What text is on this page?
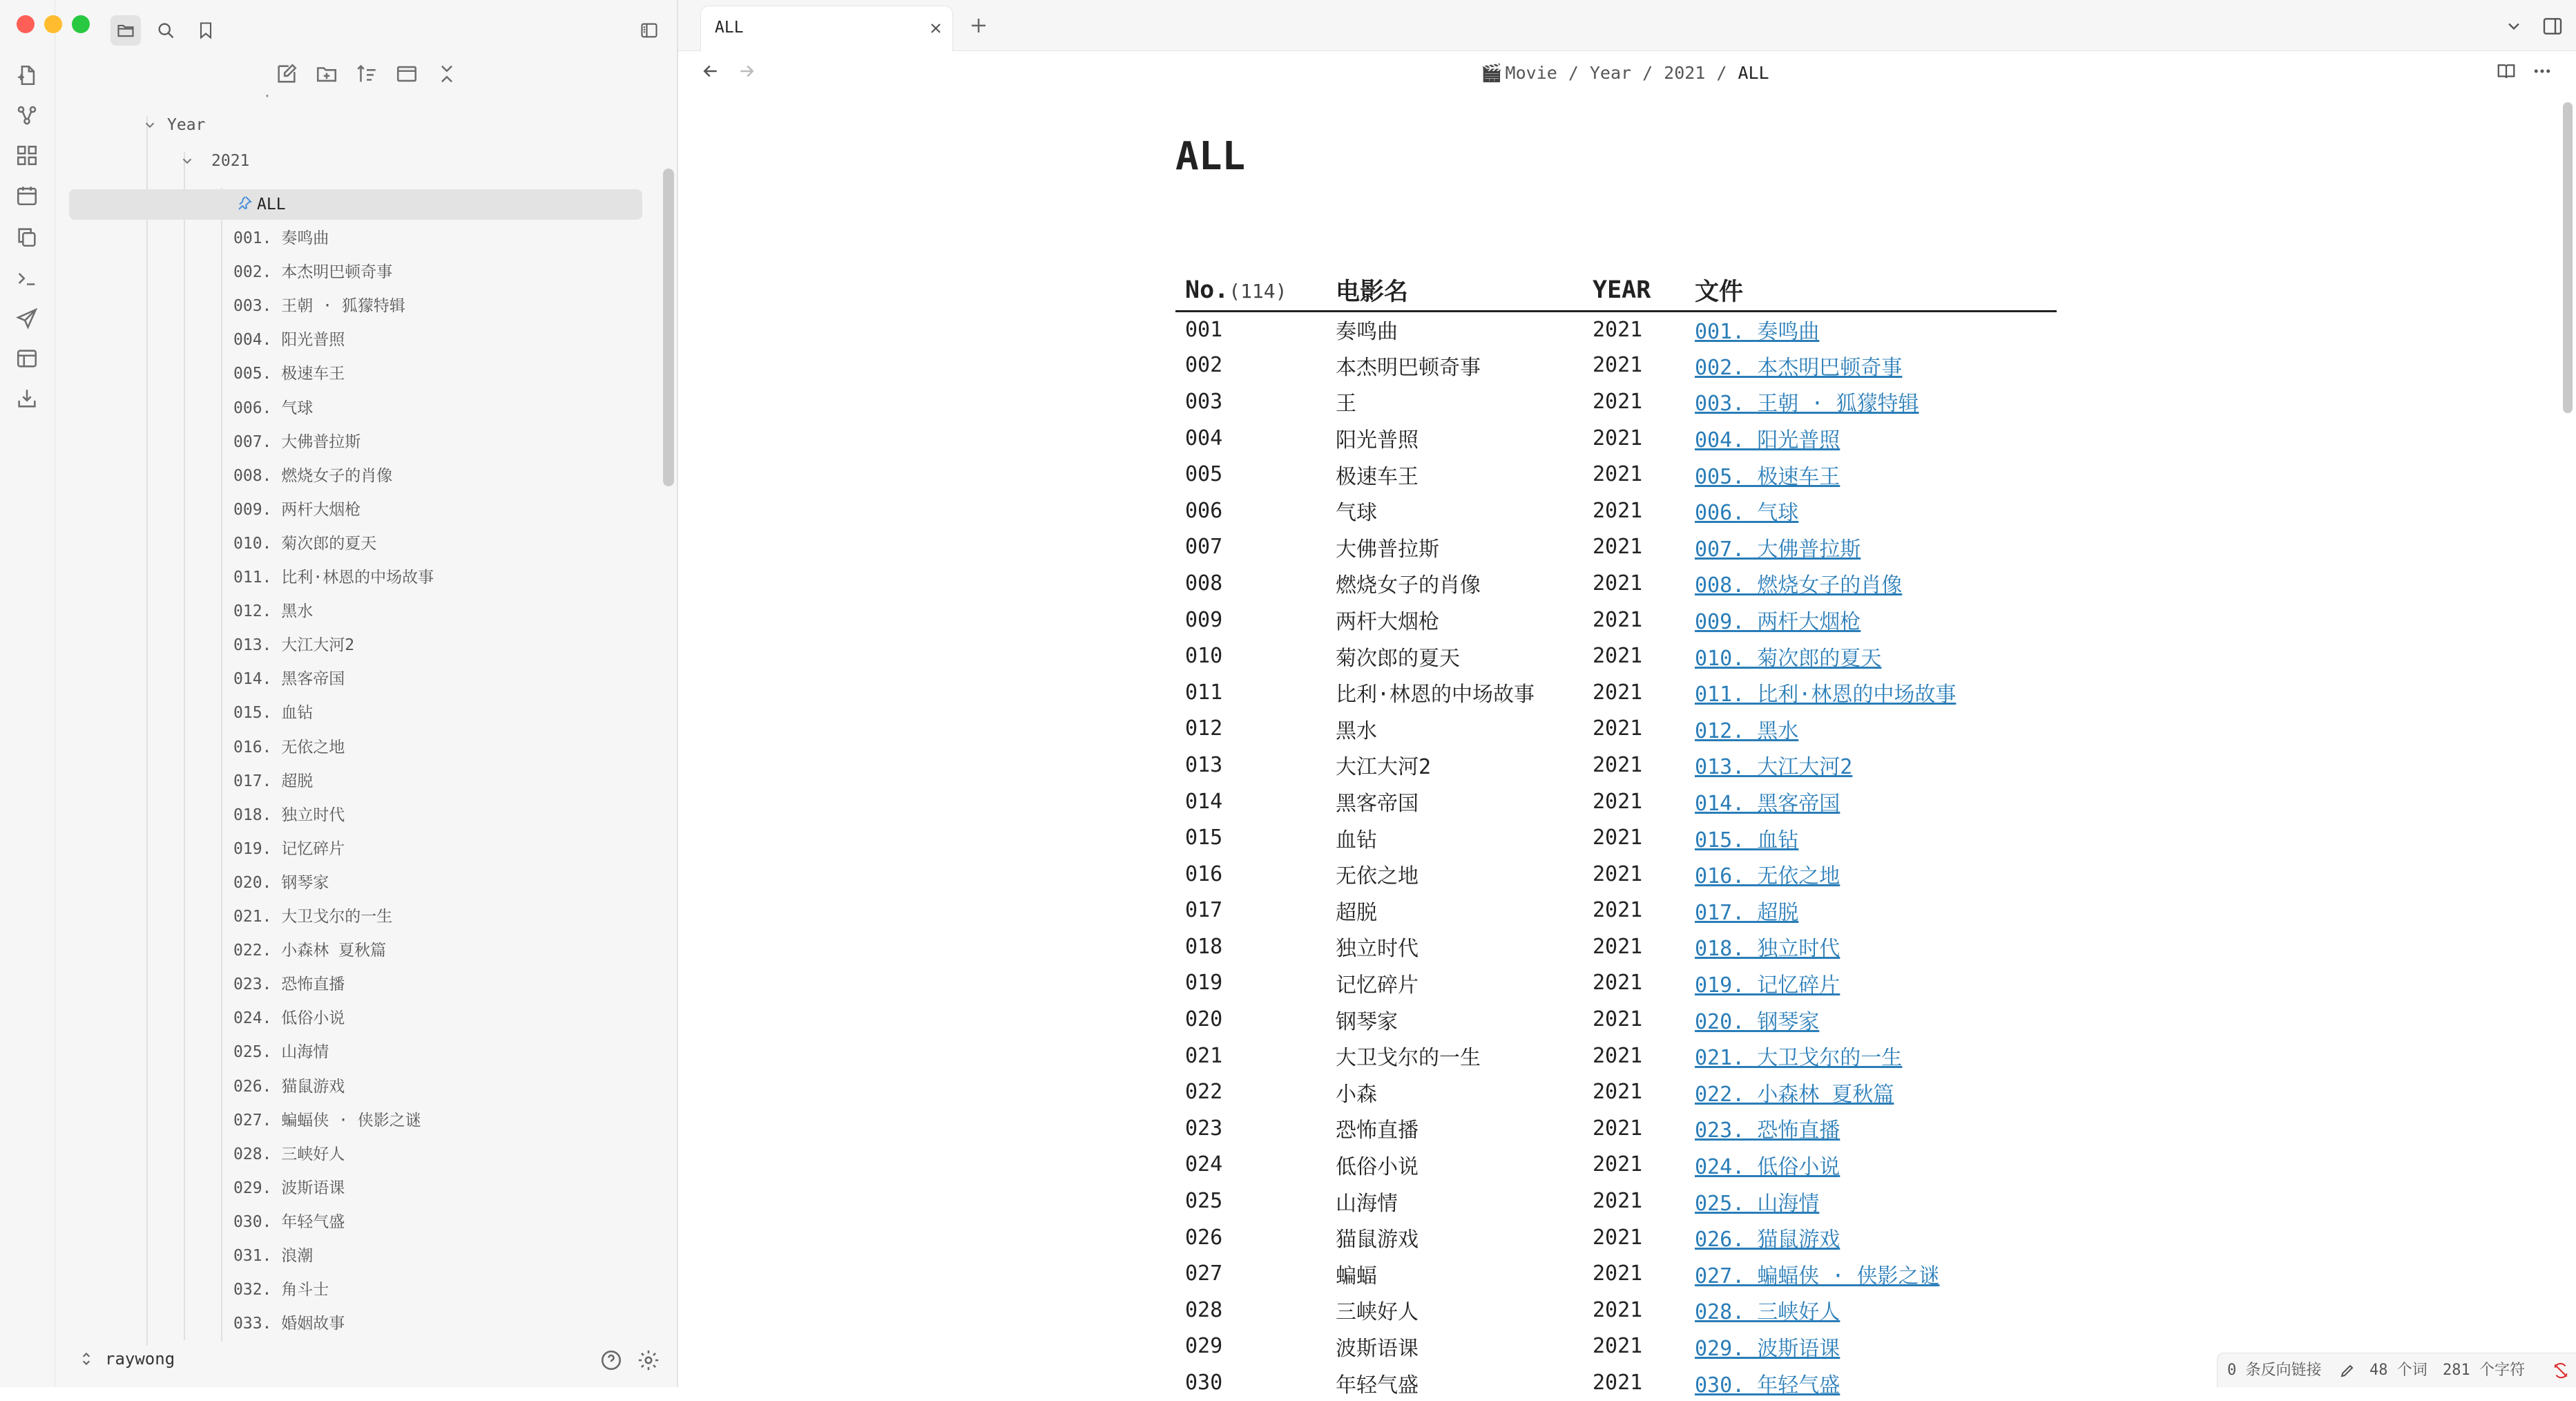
·
Year
2021
ALL
001. 奏鸣曲
002. 本杰明巴顿奇事
003. 王朝 · 狐獴特辑
004. 阳光普照
005. 极速车王
006. 气球
007. 大佛普拉斯
008. 燃烧女子的肖像
009. 两杆大烟枪
010. 菊次郎的夏天
011. 比利·林恩的中场故事
012. 黑水
013. 大江大河2
014. 黑客帝国
015. 血钻
016. 无依之地
017. 超脱
018. 独立时代
019. 记忆碎片
020. 钢琴家
021. 大卫戈尔的一生
022. 小森林 夏秋篇
023. 恐怖直播
024. 低俗小说
025. 山海情
026. 猫鼠游戏
027. 蝙蝠侠 · 侠影之谜
028. 三峡好人
029. 波斯语课
030. 年轻气盛
031. 浪潮
032. 角斗士
033. 婚姻故事
raywong
ALL
🎬 Movie / Year / 2021 / ALL
ALL
No.(114)	电影名	YEAR	文件
001	奏鸣曲	2021	001. 奏鸣曲
002	本杰明巴顿奇事	2021	002. 本杰明巴顿奇事
003	王	2021	003. 王朝 · 狐獴特辑
004	阳光普照	2021	004. 阳光普照
005	极速车王	2021	005. 极速车王
006	气球	2021	006. 气球
007	大佛普拉斯	2021	007. 大佛普拉斯
008	燃烧女子的肖像	2021	008. 燃烧女子的肖像
009	两杆大烟枪	2021	009. 两杆大烟枪
010	菊次郎的夏天	2021	010. 菊次郎的夏天
011	比利·林恩的中场故事	2021	011. 比利·林恩的中场故事
012	黑水	2021	012. 黑水
013	大江大河2	2021	013. 大江大河2
014	黑客帝国	2021	014. 黑客帝国
015	血钻	2021	015. 血钻
016	无依之地	2021	016. 无依之地
017	超脱	2021	017. 超脱
018	独立时代	2021	018. 独立时代
019	记忆碎片	2021	019. 记忆碎片
020	钢琴家	2021	020. 钢琴家
021	大卫戈尔的一生	2021	021. 大卫戈尔的一生
022	小森	2021	022. 小森林 夏秋篇
023	恐怖直播	2021	023. 恐怖直播
024	低俗小说	2021	024. 低俗小说
025	山海情	2021	025. 山海情
026	猫鼠游戏	2021	026. 猫鼠游戏
027	蝙蝠	2021	027. 蝙蝠侠 · 侠影之谜
028	三峡好人	2021	028. 三峡好人
029	波斯语课	2021	029. 波斯语课
030	年轻气盛	2021	030. 年轻气盛
0 条反向链接	48 个词 281 个字符
